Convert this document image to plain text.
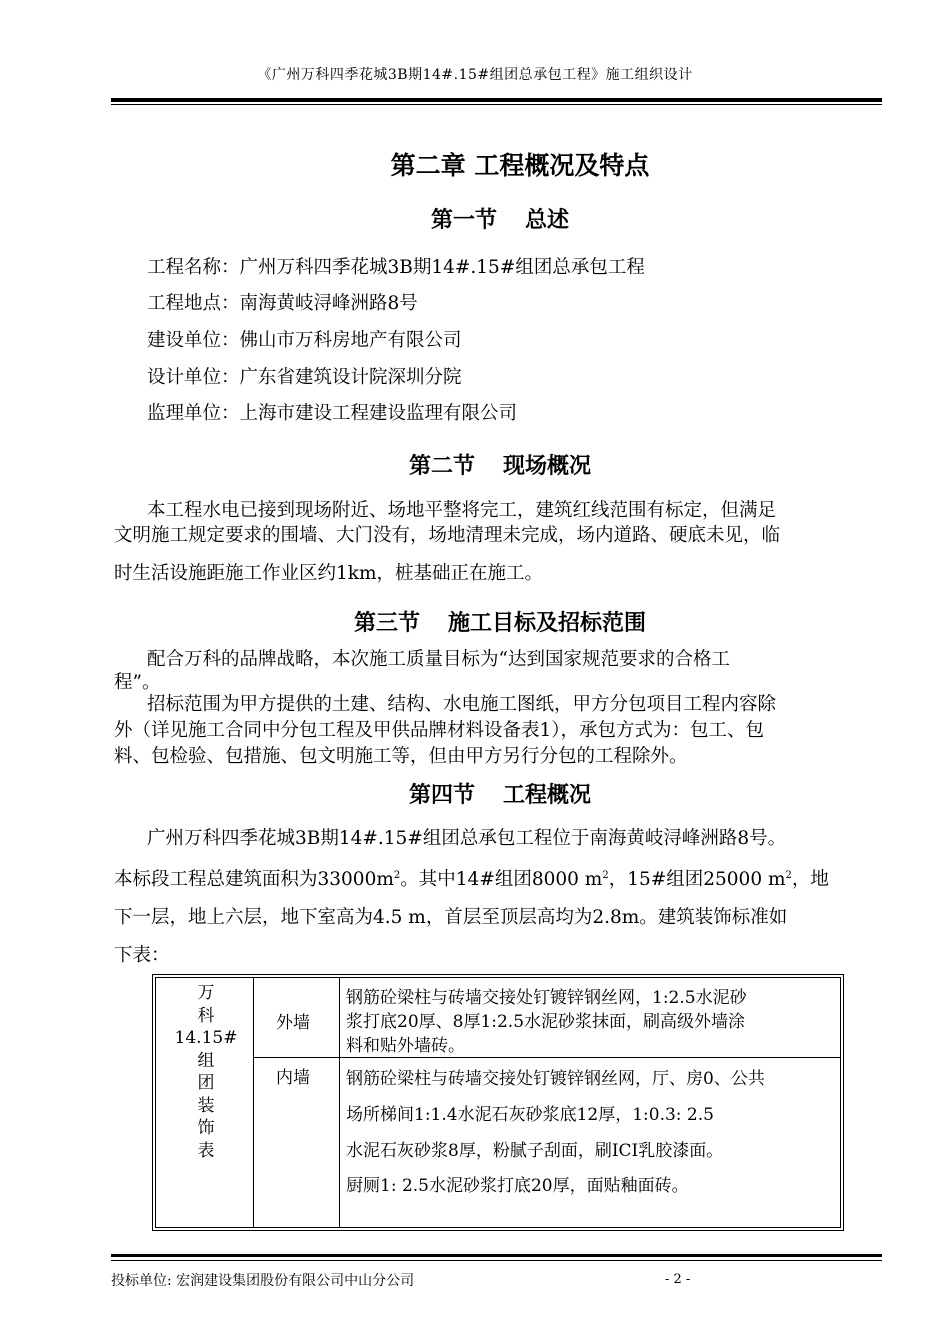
《广州万科四季花城3B期14#.15#组团总承包工程》施工组织设计
第二章 工程概况及特点
第一节 总述
工程名称：广州万科四季花城3B期14#.15#组团总承包工程
工程地点：南海黄岐浔峰洲路8号
建设单位：佛山市万科房地产有限公司
设计单位：广东省建筑设计院深圳分院
监理单位：上海市建设工程建设监理有限公司
第二节 现场概况
本工程水电已接到现场附近、场地平整将完工，建筑红线范围有标定，但满足
文明施工规定要求的围墙、大门没有，场地清理未完成，场内道路、硬底未见，临
时生活设施距施工作业区约1km，桩基础正在施工。
第三节 施工目标及招标范围
配合万科的品牌战略，本次施工质量目标为“达到国家规范要求的合格工
程”。
招标范围为甲方提供的土建、结构、水电施工图纸，甲方分包项目工程内容除
外（详见施工合同中分包工程及甲供品牌材料设备表1），承包方式为：包工、包
料、包检验、包措施、包文明施工等，但由甲方另行分包的工程除外。
第四节 工程概况
广州万科四季花城3B期14#.15#组团总承包工程位于南海黄岐浔峰洲路8号。
本标段工程总建筑面积为$33000m^2$。其中14#组团8000 $m^2$，15#组团25000 $m^2$，地
下一层，地上六层，地下室高为4.5 m，首层至顶层高均为2.8m。建筑装饰标准如
下表：
万
科
14.15#
组
团
装
饰
表
外墙
钢筋砼梁柱与砖墙交接处钉镀锌钢丝网，1:2.5水泥砂
浆打底20厚、8厚1:2.5水泥砂浆抹面，刷高级外墙涂
料和贴外墙砖。
内墙 钢筋砼梁柱与砖墙交接处钉镀锌钢丝网，厅、房0、公共
场所梯间1:1.4水泥石灰砂浆底12厚，1:0.3: 2.5
水泥石灰砂浆8厚，粉腻子刮面，刷ICI乳胶漆面。
厨厕1: 2.5水泥砂浆打底20厚，面贴釉面砖。
投标单位: 宏润建设集团股份有限公司中山分公司	- 2 -
